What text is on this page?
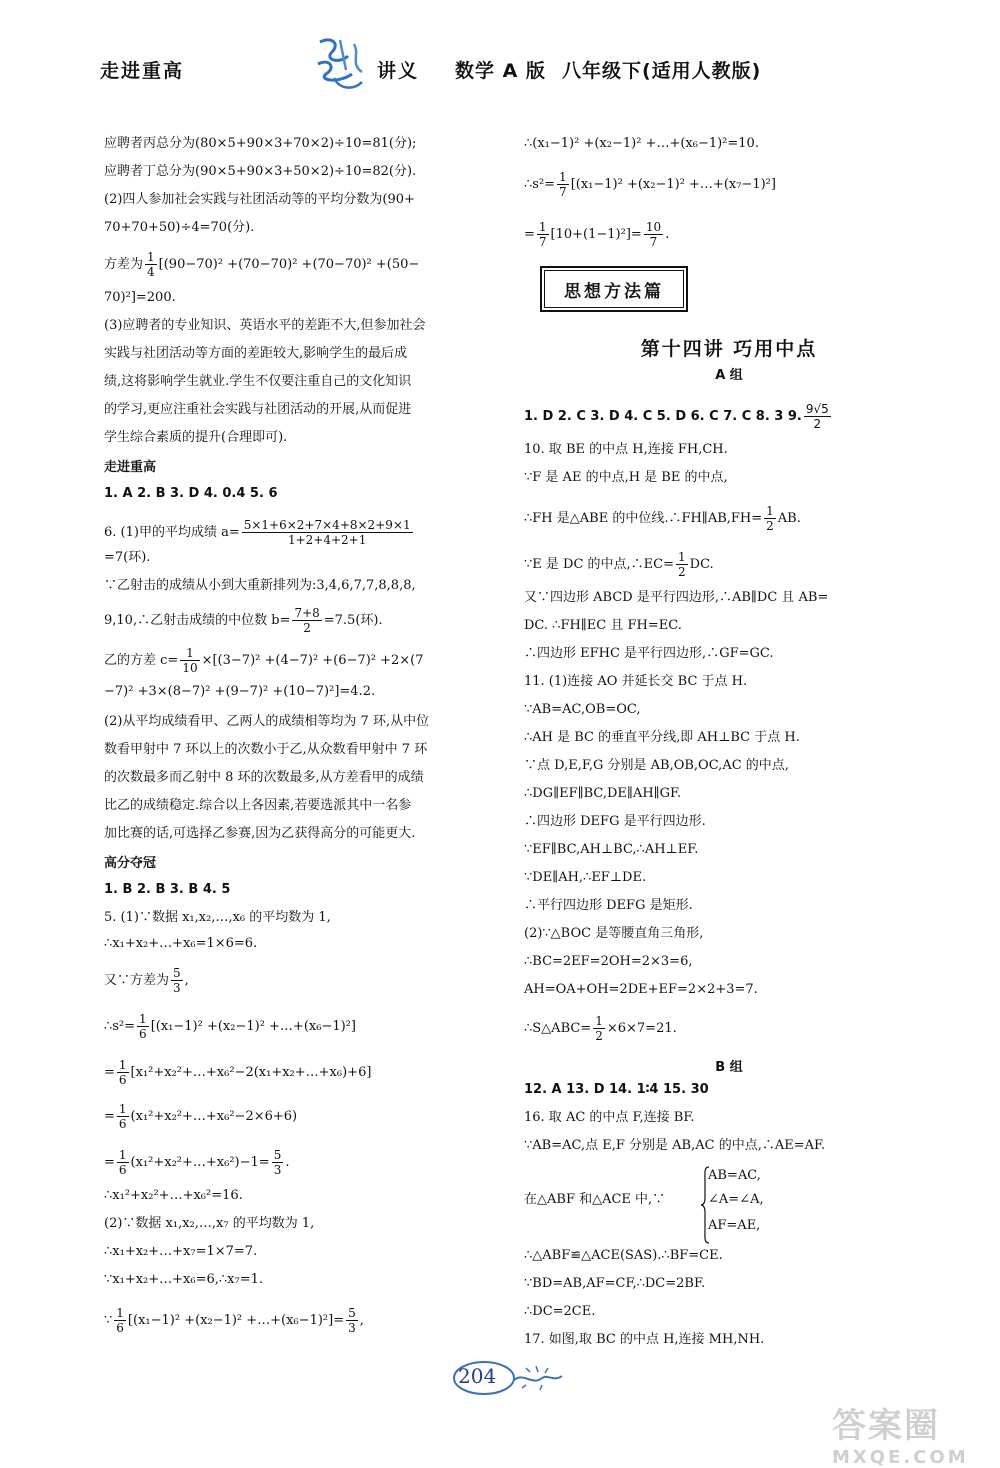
走进重高	讲义 数学 A 版 八年级下(适用人教版)
应聘者丙总分为(80×5+90×3+70×2)÷10=81(分);
应聘者丁总分为(90×5+90×3+50×2)÷10=82(分).
(2)四人参加社会实践与社团活动等的平均分数为(90+
70+70+50)÷4=70(分).
方差为 $\frac{1}{4} [(90-70)^2 +(70-70)^2 +(70-70)^2 +(50-$
70)²]=200.
(3)应聘者的专业知识、英语水平的差距不大,但参加社会
实践与社团活动等方面的差距较大,影响学生的最后成
绩,这将影响学生就业.学生不仅要注重自己的文化知识
的学习,更应注重社会实践与社团活动的开展,从而促进
学生综合素质的提升(合理即可).
走进重高
1. A 2. B 3. D 4. 0.4 5. 6
6. (1)甲的平均成绩 $a= \frac{5\times 1+6\times 2+7\times 4+8\times 2+9\times 1}{1+2+4+2+1}$
=7(环).
∵乙射击的成绩从小到大重新排列为:3,4,6,7,7,8,8,8,
9,10,∴乙射击成绩的中位数 $b= \frac{7+8}{2} =7.5$(环).
乙的方差 $c= \frac{1}{10} \times[(3-7)^2 +(4-7)^2 +(6-7)^2 +2\times(7$
−7)² +3×(8−7)² +(9−7)² +(10−7)²]=4.2.
(2)从平均成绩看甲、乙两人的成绩相等均为 7 环,从中位
数看甲射中 7 环以上的次数小于乙,从众数看甲射中 7 环
的次数最多而乙射中 8 环的次数最多,从方差看甲的成绩
比乙的成绩稳定.综合以上各因素,若要选派其中一名参
加比赛的话,可选择乙参赛,因为乙获得高分的可能更大.
高分夺冠
1. B 2. B 3. B 4. 5
5. (1)∵数据 x₁,x₂,…,x₆ 的平均数为 1,
∴x₁+x₂+…+x₆=1×6=6.
又∵方差为 $\frac{5}{3}$ ,
∴s²= $\frac{1}{6} [(x_1-1)^2 +(x_2-1)^2$ +…+(x₆−1)²]
= $\frac{1}{6}$ [x₁²+x₂²+…+x₆²−2(x₁+x₂+…+x₆)+6]
= $\frac{1}{6}$ (x₁²+x₂²+…+x₆²−2×6+6)
= $\frac{1}{6}$ (x₁²+x₂²+…+x₆²)−1= $\frac{5}{3}$ .
∴x₁²+x₂²+…+x₆²=16.
(2)∵数据 x₁,x₂,…,x₇ 的平均数为 1,
∴x₁+x₂+…+x₇=1×7=7.
∵x₁+x₂+…+x₆=6,∴x₇=1.
∵ $\frac{1}{6} [(x_1-1)^2 +(x_2-1)^2$ +…+(x₆−1)²]= $\frac{5}{3}$ ,
∴(x₁−1)² +(x₂−1)² +…+(x₆−1)²=10.
∴s²= $\frac{1}{7} [(x_1-1)^2 +(x_2-1)^2$ +…+(x₇−1)²]
= $\frac{1}{7} [10+(1-1)^2]= \frac{10}{7}$ .
思想方法篇
第十四讲 巧用中点
A 组
1. D 2. C 3. D 4. C 5. D 6. C 7. C 8. 3 9. $\frac{9√5}{2}$
10. 取 BE 的中点 H,连接 FH,CH.
∵F 是 AE 的中点,H 是 BE 的中点,
∴FH 是△ABE 的中位线.∴FH∥AB,FH= $\frac{1}{2}$ AB.
∵E 是 DC 的中点,∴EC= $\frac{1}{2}$ DC.
又∵四边形 ABCD 是平行四边形,∴AB∥DC 且 AB=
DC. ∴FH∥EC 且 FH=EC.
∴四边形 EFHC 是平行四边形,∴GF=GC.
11. (1)连接 AO 并延长交 BC 于点 H.
∵AB=AC,OB=OC,
∴AH 是 BC 的垂直平分线,即 AH⊥BC 于点 H.
∵点 D,E,F,G 分别是 AB,OB,OC,AC 的中点,
∴DG∥EF∥BC,DE∥AH∥GF.
∴四边形 DEFG 是平行四边形.
∵EF∥BC,AH⊥BC,∴AH⊥EF.
∵DE∥AH,∴EF⊥DE.
∴平行四边形 DEFG 是矩形.
(2)∵△BOC 是等腰直角三角形,
∴BC=2EF=2OH=2×3=6,
AH=OA+OH=2DE+EF=2×2+3=7.
∴S△ABC= $\frac{1}{2} \times 6\times 7=21$.
B 组
12. A 13. D 14. 1∶4 15. 30
16. 取 AC 的中点 F,连接 BF.
∵AB=AC,点 E,F 分别是 AB,AC 的中点,∴AE=AF.
AB=AC,
在△ABF 和△ACE 中,∵	∠A=∠A,
AF=AE,
∴△ABF≌△ACE(SAS).∴BF=CE.
∵BD=AB,AF=CF,∴DC=2BF.
∴DC=2CE.
17. 如图,取 BC 的中点 H,连接 MH,NH.
204
答案圈
MXQE.COM
